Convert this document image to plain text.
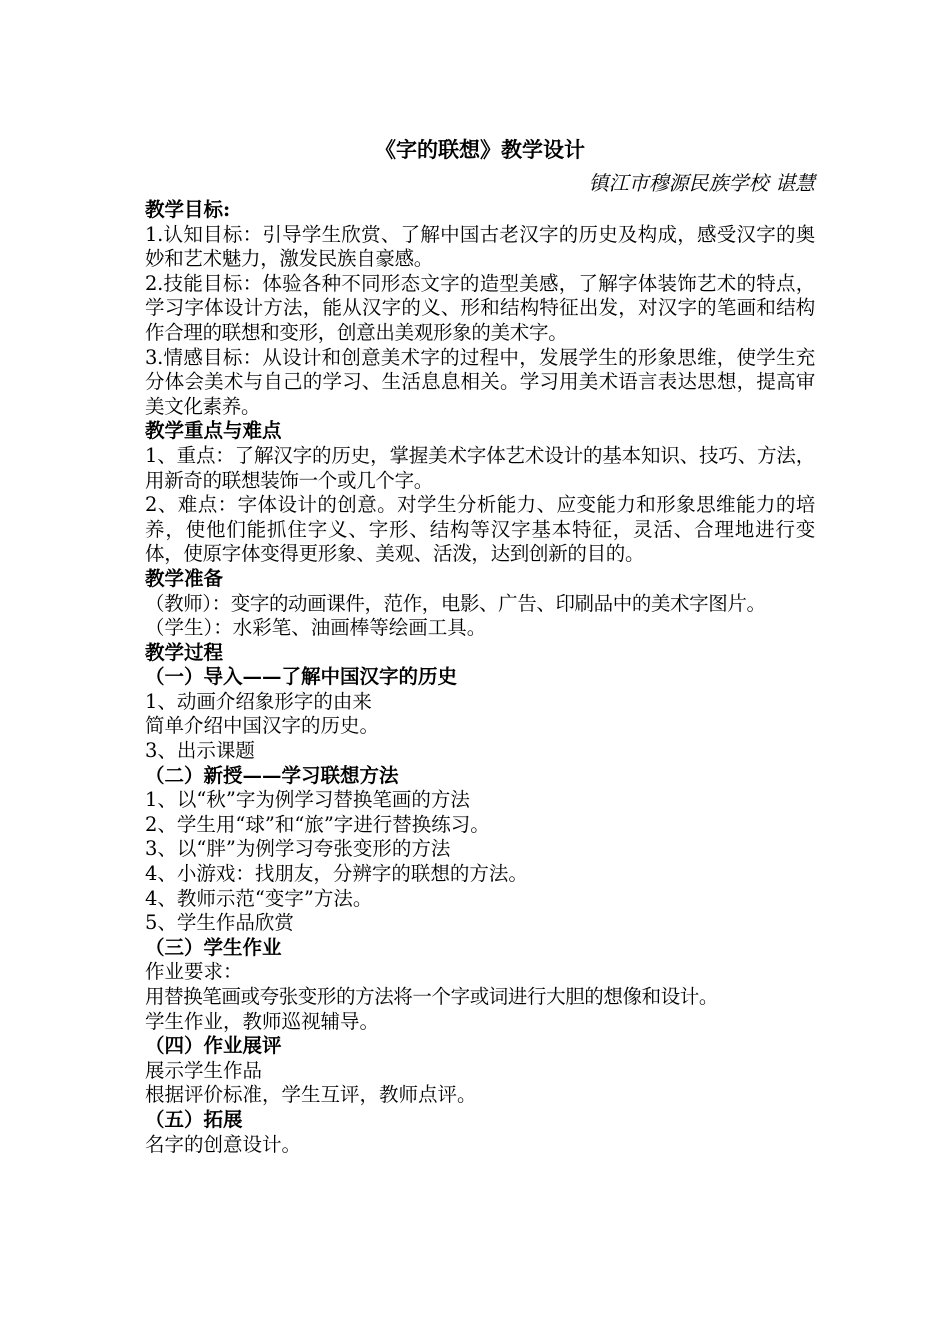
《字的联想》教学设计
镇江市穆源民族学校 谌慧
教学目标:

1.认知目标：引导学生欣赏、了解中国古老汉字的历史及构成，感受汉字的奥妙和艺术魅力，激发民族自豪感。

2.技能目标：体验各种不同形态文字的造型美感，了解字体装饰艺术的特点，学习字体设计方法，能从汉字的义、形和结构特征出发，对汉字的笔画和结构作合理的联想和变形，创意出美观形象的美术字。

3.情感目标：从设计和创意美术字的过程中，发展学生的形象思维，使学生充分体会美术与自己的学习、生活息息相关。学习用美术语言表达思想，提高审美文化素养。

教学重点与难点

1、重点：了解汉字的历史，掌握美术字体艺术设计的基本知识、技巧、方法，用新奇的联想装饰一个或几个字。

2、难点：字体设计的创意。对学生分析能力、应变能力和形象思维能力的培养，使他们能抓住字义、字形、结构等汉字基本特征，灵活、合理地进行变体，使原字体变得更形象、美观、活泼，达到创新的目的。

教学准备
（教师）：变字的动画课件，范作，电影、广告、印刷品中的美术字图片。
（学生）：水彩笔、油画棒等绘画工具。
教学过程
（一）导入——了解中国汉字的历史
1、动画介绍象形字的由来
简单介绍中国汉字的历史。
3、出示课题
（二）新授——学习联想方法
1、以“秋”字为例学习替换笔画的方法
2、学生用“球”和“旅”字进行替换练习。
3、以“胖”为例学习夸张变形的方法
4、小游戏：找朋友，分辨字的联想的方法。
4、教师示范“变字”方法。
5、学生作品欣赏
（三）学生作业
作业要求：
用替换笔画或夸张变形的方法将一个字或词进行大胆的想像和设计。
学生作业，教师巡视辅导。
（四）作业展评
展示学生作品
根据评价标准，学生互评，教师点评。
（五）拓展
名字的创意设计。
